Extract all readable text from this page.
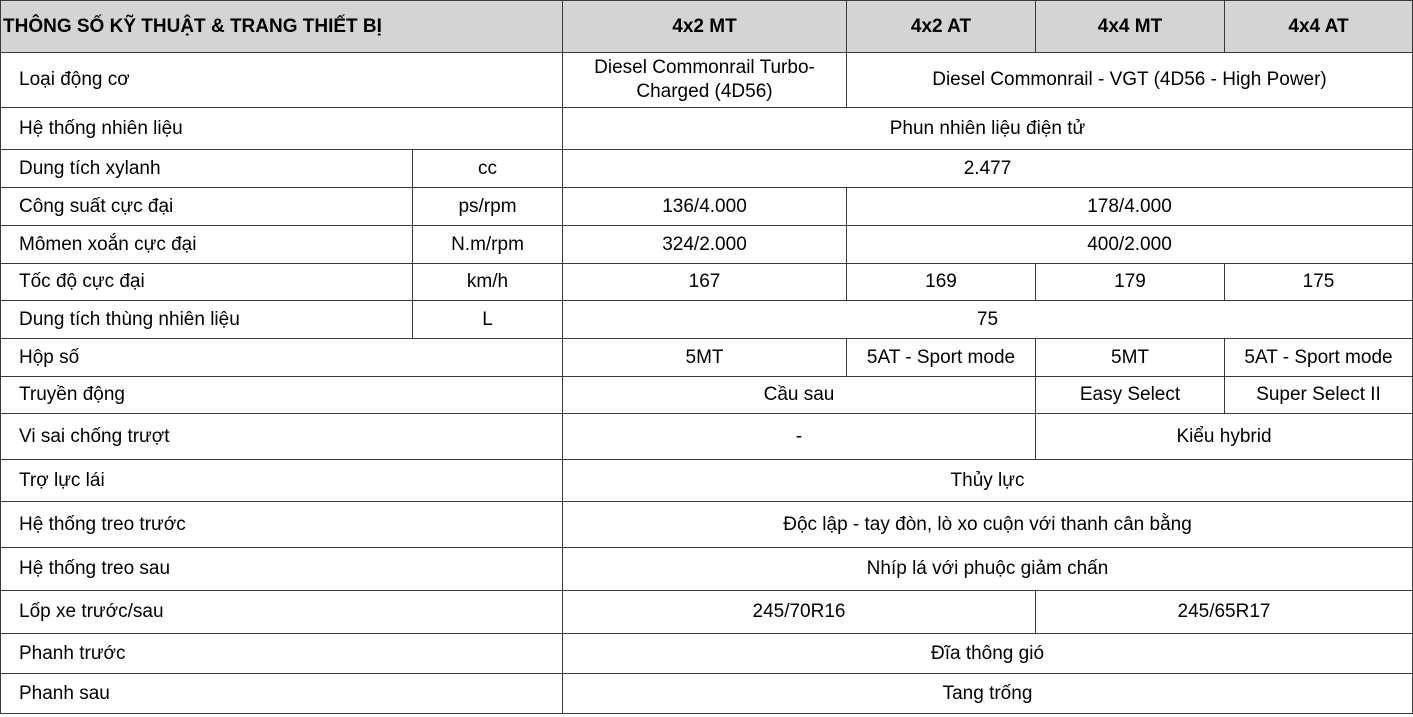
THÔNG SỐ KỸ THUẬT & TRANG THIẾT BỊ		4x2 MT	4x2 AT	4x4 MT	4x4 AT
Loại động cơ		Diesel Commonrail Turbo-Charged (4D56)	Diesel Commonrail - VGT (4D56 - High Power)		
Hệ thống nhiên liệu		Phun nhiên liệu điện tử			
Dung tích xylanh	cc	2.477			
Công suất cực đại	ps/rpm	136/4.000	178/4.000		
Mômen xoắn cực đại	N.m/rpm	324/2.000	400/2.000		
Tốc độ cực đại	km/h	167	169	179	175
Dung tích thùng nhiên liệu	L	75			
Hộp số		5MT	5AT - Sport mode	5MT	5AT - Sport mode
Truyền động		Cầu sau		Easy Select	Super Select II
Vi sai chống trượt		-		Kiểu hybrid	
Trợ lực lái		Thủy lực			
Hệ thống treo trước		Độc lập - tay đòn, lò xo cuộn với thanh cân bằng			
Hệ thống treo sau		Nhíp lá với phuộc giảm chấn			
Lốp xe trước/sau		245/70R16		245/65R17	
Phanh trước		Đĩa thông gió			
Phanh sau		Tang trống			
